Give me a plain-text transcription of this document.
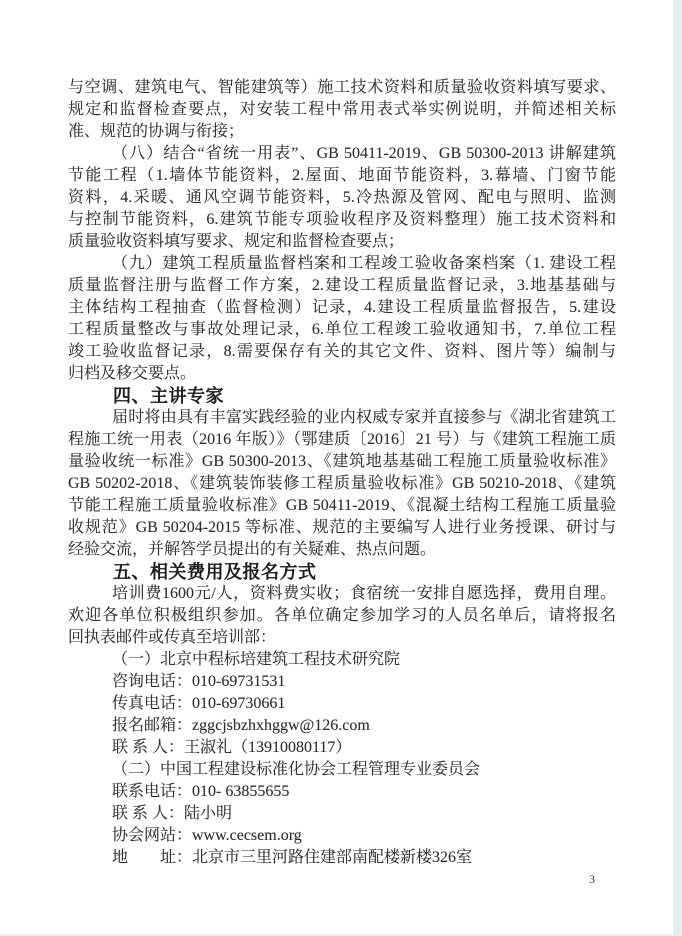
与空调、建筑电气、智能建筑等）施工技术资料和质量验收资料填写要求、
规定和监督检查要点，对安装工程中常用表式举实例说明，并简述相关标
准、规范的协调与衔接；
（八）结合“省统一用表”、GB 50411-2019、GB 50300-2013 讲解建筑
节能工程（1.墙体节能资料，2.屋面、地面节能资料，3.幕墙、门窗节能
资料，4.采暖、通风空调节能资料，5.冷热源及管网、配电与照明、监测
与控制节能资料，6.建筑节能专项验收程序及资料整理）施工技术资料和
质量验收资料填写要求、规定和监督检查要点；
（九）建筑工程质量监督档案和工程竣工验收备案档案（1. 建设工程
质量监督注册与监督工作方案，2.建设工程质量监督记录，3.地基基础与
主体结构工程抽查（监督检测）记录，4.建设工程质量监督报告，5.建设
工程质量整改与事故处理记录，6.单位工程竣工验收通知书，7.单位工程
竣工验收监督记录，8.需要保存有关的其它文件、资料、图片等）编制与
归档及移交要点。
四、主讲专家
届时将由具有丰富实践经验的业内权威专家并直接参与《湖北省建筑工
程施工统一用表（2016 年版）》（鄂建质〔2016〕21 号）与《建筑工程施工质
量验收统一标准》GB 50300-2013、《建筑地基基础工程施工质量验收标准》
GB 50202-2018、《建筑装饰装修工程质量验收标准》GB 50210-2018、《建筑
节能工程施工质量验收标准》GB 50411-2019、《混凝土结构工程施工质量验
收规范》GB 50204-2015 等标准、规范的主要编写人进行业务授课、研讨与
经验交流，并解答学员提出的有关疑难、热点问题。
五、相关费用及报名方式
培训费1600元/人，资料费实收；食宿统一安排自愿选择，费用自理。
欢迎各单位积极组织参加。各单位确定参加学习的人员名单后，请将报名
回执表邮件或传真至培训部：
（一）北京中程标培建筑工程技术研究院
咨询电话：010-69731531
传真电话：010-69730661
报名邮箱：zggcjsbzhxhggw@126.com
联 系 人：王淑礼（13910080117）
（二）中国工程建设标准化协会工程管理专业委员会
联系电话：010- 63855655
联 系 人：陆小明
协会网站：www.cecsem.org
地　　址：北京市三里河路住建部南配楼新楼326室
3
